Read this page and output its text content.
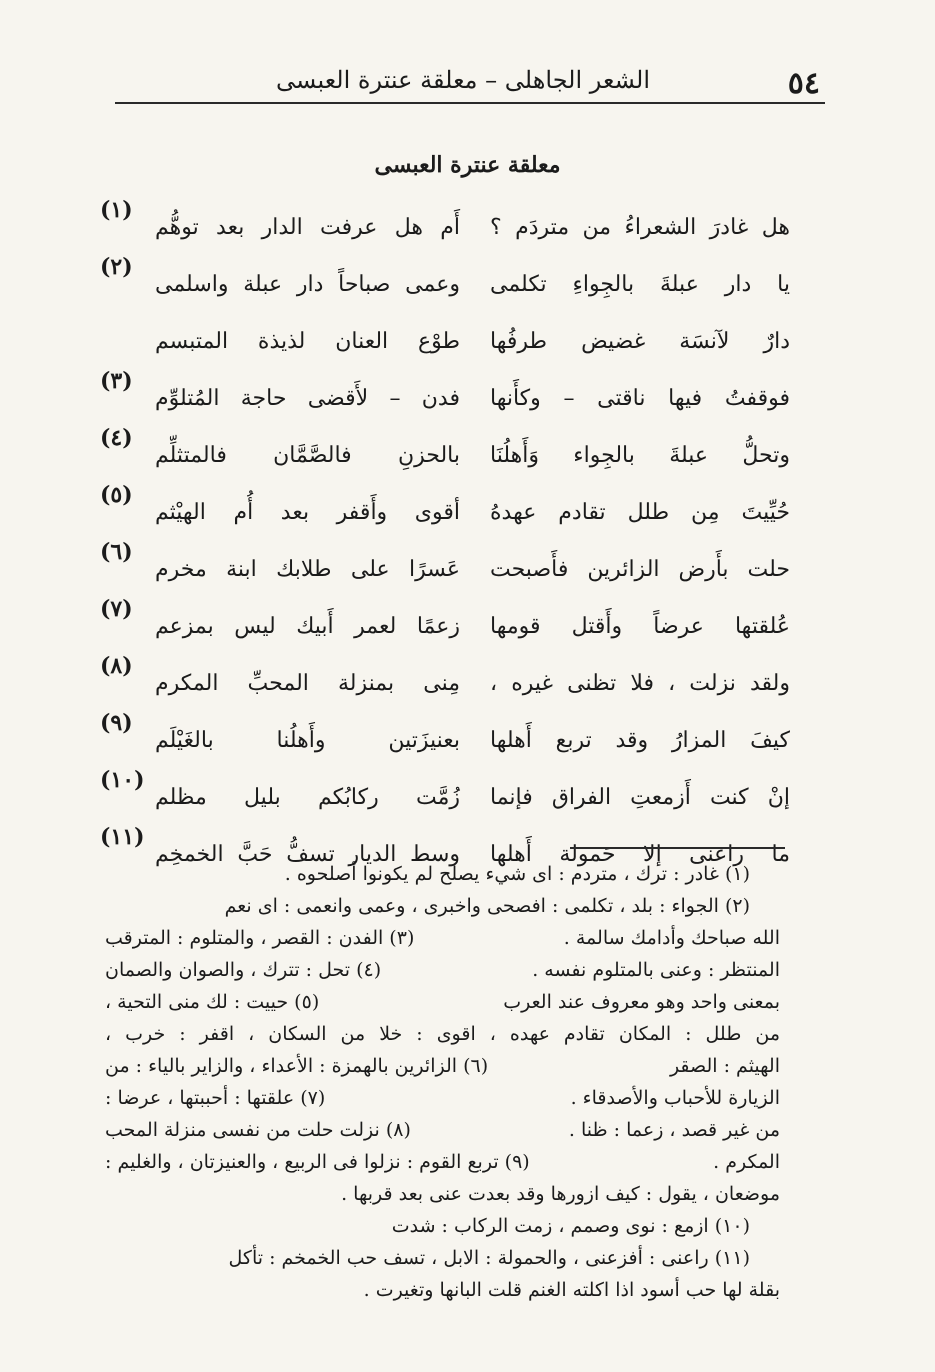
٥٤
الشعر الجاهلى – معلقة عنترة العبسى
معلقة عنترة العبسى
هل غادرَ الشعراءُ من متردَم ؟
أَم هل عرفت الدار بعد توهُّم
(١)
يا دار عبلةَ بالجِواءِ تكلمى
وعمى صباحاً دار عبلة واسلمى
(٢)
دارٌ لآنسَة غضيض طرفُها
طوْع العنان لذيذة المتبسم
فوقفتُ فيها ناقتى – وكأَنها
فدن – لأَقضى حاجة المُتلوِّم
(٣)
وتحلُّ عبلةَ بالجِواء وَأَهلُنَا
بالحزنِ فالصَّمَّان فالمتثلِّم
(٤)
حُيِّيتَ مِن طلل تقادم عهدهُ
أقوى وأَقفر بعد أُم الهيْثم
(٥)
حلت بأَرض الزائرين فأَصبحت
عَسرًا على طلابك ابنة مخرم
(٦)
عُلقتها عرضاً وأَقتل قومها
زعمًا لعمر أَبيك ليس بمزعم
(٧)
ولقد نزلت ، فلا تظنى غيره ،
مِنى بمنزلة المحبِّ المكرم
(٨)
كيفَ المزارُ وقد تربع أَهلها
بعنيزَتين وأَهلُنا بالغَيْلَم
(٩)
إنْ كنت أَزمعتِ الفراق فإنما
زُمَّت ركابُكم بليل مظلم
(١٠)
ما راعنى إلا حَمولة أَهلها
وسط الديار تسفُّ حَبَّ الخمخِم
(١١)
(١) غادر : ترك ، متردم : اى شيء يصلح لم يكونوا أصلحوه .
(٢) الجواء : بلد ، تكلمى : افصحى واخبرى ، وعمى وانعمى : اى نعم
الله صباحك وأدامك سالمة .
(٣) الفدن : القصر ، والمتلوم : المترقب
المنتظر : وعنى بالمتلوم نفسه .
(٤) تحل : تترك ، والصوان والصمان
بمعنى واحد وهو معروف عند العرب
(٥) حييت : لك منى التحية ،
من طلل : المكان تقادم عهده ، اقوى : خلا من السكان ، اقفر : خرب ،
الهيثم : الصقر
(٦) الزائرين بالهمزة : الأعداء ، والزاير بالياء : من
الزيارة للأحباب والأصدقاء .
(٧) علقتها : أحببتها ، عرضا :
من غير قصد ، زعما : ظنا .
(٨) نزلت حلت من نفسى منزلة المحب
المكرم .
(٩) تربع القوم : نزلوا فى الربيع ، والعنيزتان ، والغليم :
موضعان ، يقول : كيف ازورها وقد بعدت عنى بعد قربها .
(١٠) ازمع : نوى وصمم ، زمت الركاب : شدت
(١١) راعنى : أفزعنى ، والحمولة : الابل ، تسف حب الخمخم : تأكل
بقلة لها حب أسود اذا اكلته الغنم قلت البانها وتغيرت .
